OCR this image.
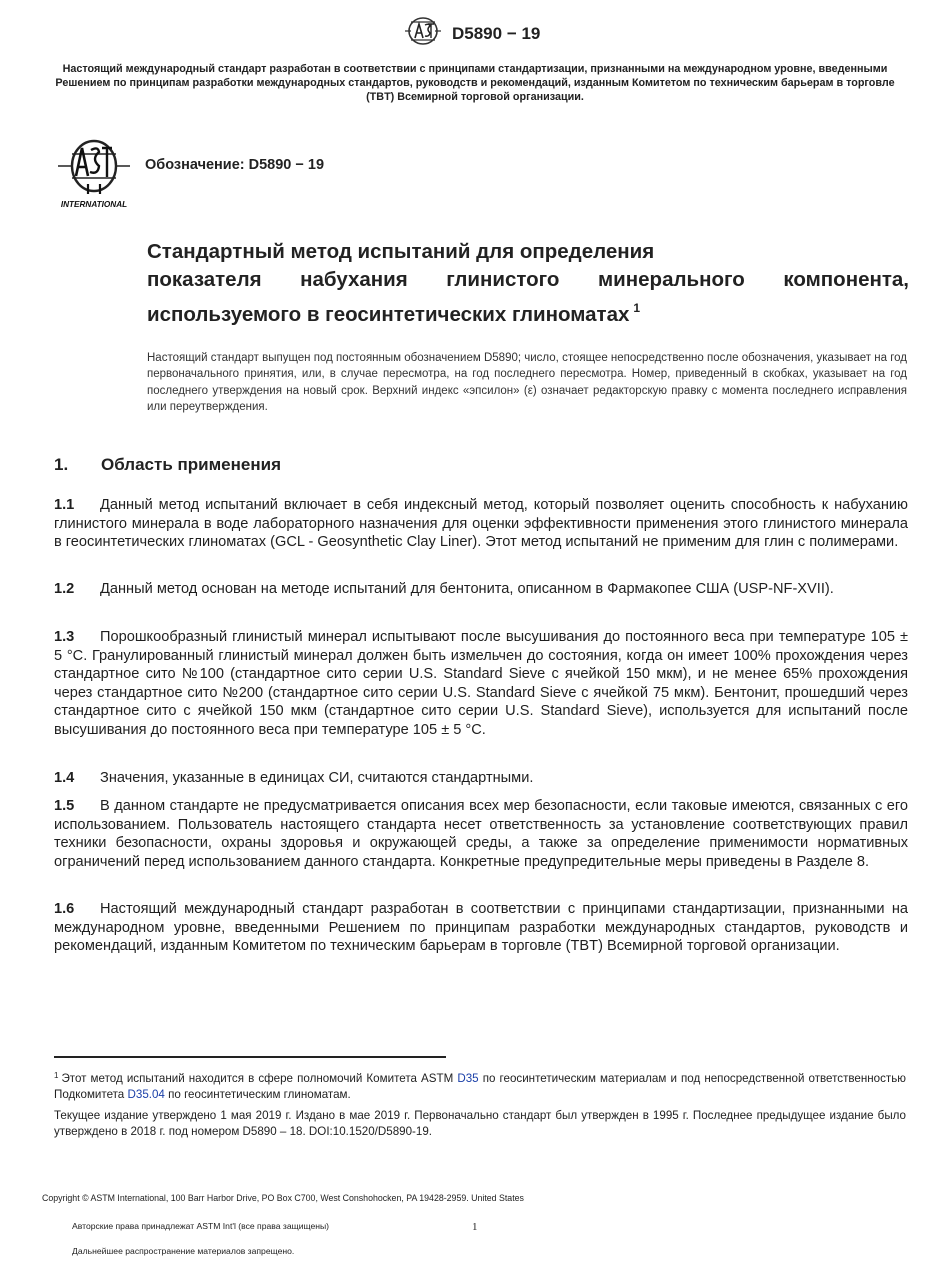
D5890 − 19
Настоящий международный стандарт разработан в соответствии с принципами стандартизации, признанными на международном уровне, введенными Решением по принципам разработки международных стандартов, руководств и рекомендаций, изданным Комитетом по техническим барьерам в торговле (TBT) Всемирной торговой организации.
INTERNATIONAL
Обозначение: D5890 − 19
Стандартный метод испытаний для определения
показателя набухания глинистого минерального компонента,
используемого в геосинтетических глиноматах $^1$
Настоящий стандарт выпущен под постоянным обозначением D5890; число, стоящее непосредственно после обозначения, указывает на год первоначального принятия, или, в случае пересмотра, на год последнего пересмотра. Номер, приведенный в скобках, указывает на год последнего утверждения на новый срок. Верхний индекс «эпсилон» (ε) означает редакторскую правку с момента последнего исправления или переутверждения.
1. Область применения
1.1 Данный метод испытаний включает в себя индексный метод, который позволяет оценить способность к набуханию глинистого минерала в воде лабораторного назначения для оценки эффективности применения этого глинистого минерала в геосинтетических глиноматах (GCL - Geosynthetic Clay Liner). Этот метод испытаний не применим для глин с полимерами.
1.2 Данный метод основан на методе испытаний для бентонита, описанном в Фармакопее США (USP-NF-XVII).
1.3 Порошкообразный глинистый минерал испытывают после высушивания до постоянного веса при температуре 105 ± 5 °C. Гранулированный глинистый минерал должен быть измельчен до состояния, когда он имеет 100% прохождения через стандартное сито №100 (стандартное сито серии U.S. Standard Sieve с ячейкой 150 мкм), и не менее 65% прохождения через стандартное сито №200 (стандартное сито серии U.S. Standard Sieve с ячейкой 75 мкм). Бентонит, прошедший через стандартное сито с ячейкой 150 мкм (стандартное сито серии U.S. Standard Sieve), используется для испытаний после высушивания до постоянного веса при температуре 105 ± 5 °C.
1.4 Значения, указанные в единицах СИ, считаются стандартными.
1.5 В данном стандарте не предусматривается описания всех мер безопасности, если таковые имеются, связанных с его использованием. Пользователь настоящего стандарта несет ответственность за установление соответствующих правил техники безопасности, охраны здоровья и окружающей среды, а также за определение применимости нормативных ограничений перед использованием данного стандарта. Конкретные предупредительные меры приведены в Разделе 8.
1.6 Настоящий международный стандарт разработан в соответствии с принципами стандартизации, признанными на международном уровне, введенными Решением по принципам разработки международных стандартов, руководств и рекомендаций, изданным Комитетом по техническим барьерам в торговле (TBT) Всемирной торговой организации.
$^1$ Этот метод испытаний находится в сфере полномочий Комитета ASTM D35 по геосинтетическим материалам и под непосредственной ответственностью Подкомитета D35.04 по геосинтетическим глиноматам.
Текущее издание утверждено 1 мая 2019 г. Издано в мае 2019 г. Первоначально стандарт был утвержден в 1995 г. Последнее предыдущее издание было утверждено в 2018 г. под номером D5890 – 18. DOI:10.1520/D5890-19.
Copyright © ASTM International, 100 Barr Harbor Drive, PO Box C700, West Conshohocken, PA 19428-2959. United States
Авторские права принадлежат ASTM Int'l (все права защищены)	1
Дальнейшее распространение материалов запрещено.
